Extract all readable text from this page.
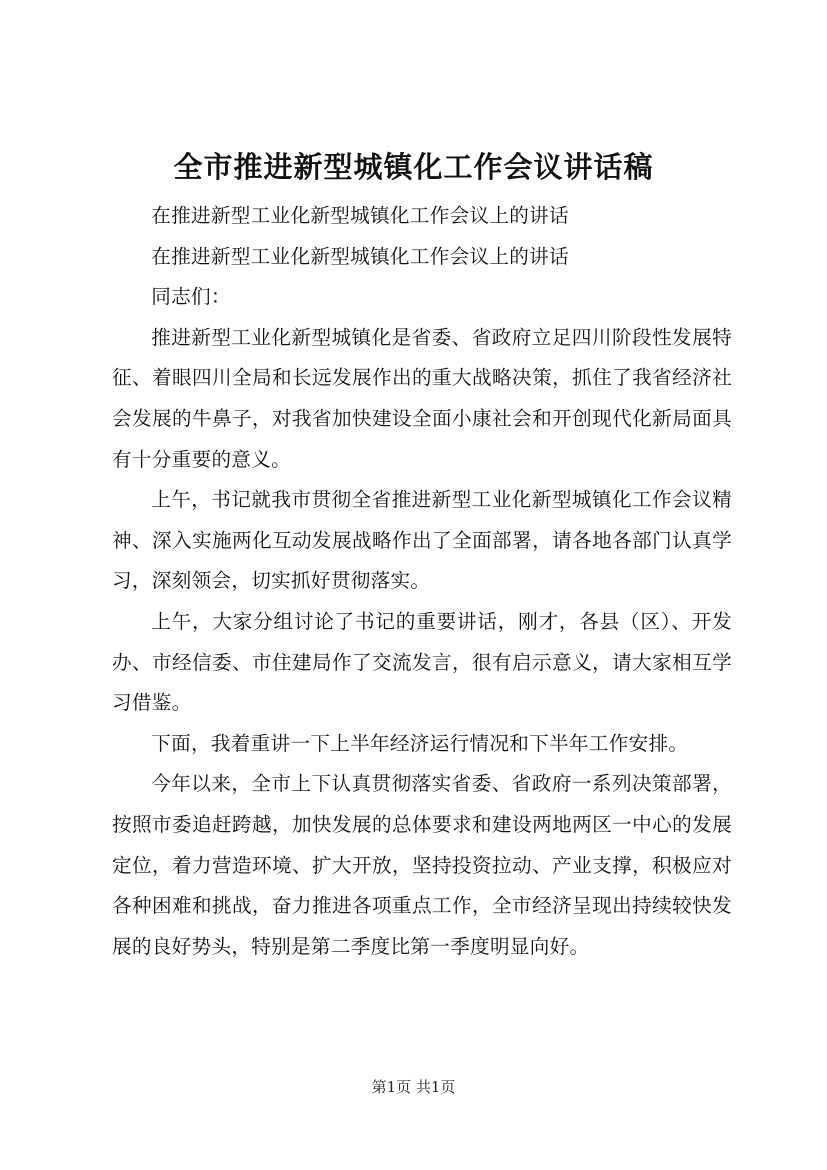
全市推进新型城镇化工作会议讲话稿

在推进新型工业化新型城镇化工作会议上的讲话

在推进新型工业化新型城镇化工作会议上的讲话

同志们：

推进新型工业化新型城镇化是省委、省政府立足四川阶段性发展特征、着眼四川全局和长远发展作出的重大战略决策，抓住了我省经济社会发展的牛鼻子，对我省加快建设全面小康社会和开创现代化新局面具有十分重要的意义。

上午，书记就我市贯彻全省推进新型工业化新型城镇化工作会议精神、深入实施两化互动发展战略作出了全面部署，请各地各部门认真学习，深刻领会，切实抓好贯彻落实。

上午，大家分组讨论了书记的重要讲话，刚才，各县（区）、开发办、市经信委、市住建局作了交流发言，很有启示意义，请大家相互学习借鉴。

下面，我着重讲一下上半年经济运行情况和下半年工作安排。

今年以来，全市上下认真贯彻落实省委、省政府一系列决策部署，按照市委追赶跨越，加快发展的总体要求和建设两地两区一中心的发展定位，着力营造环境、扩大开放，坚持投资拉动、产业支撑，积极应对各种困难和挑战，奋力推进各项重点工作，全市经济呈现出持续较快发展的良好势头，特别是第二季度比第一季度明显向好。

第1页 共1页
